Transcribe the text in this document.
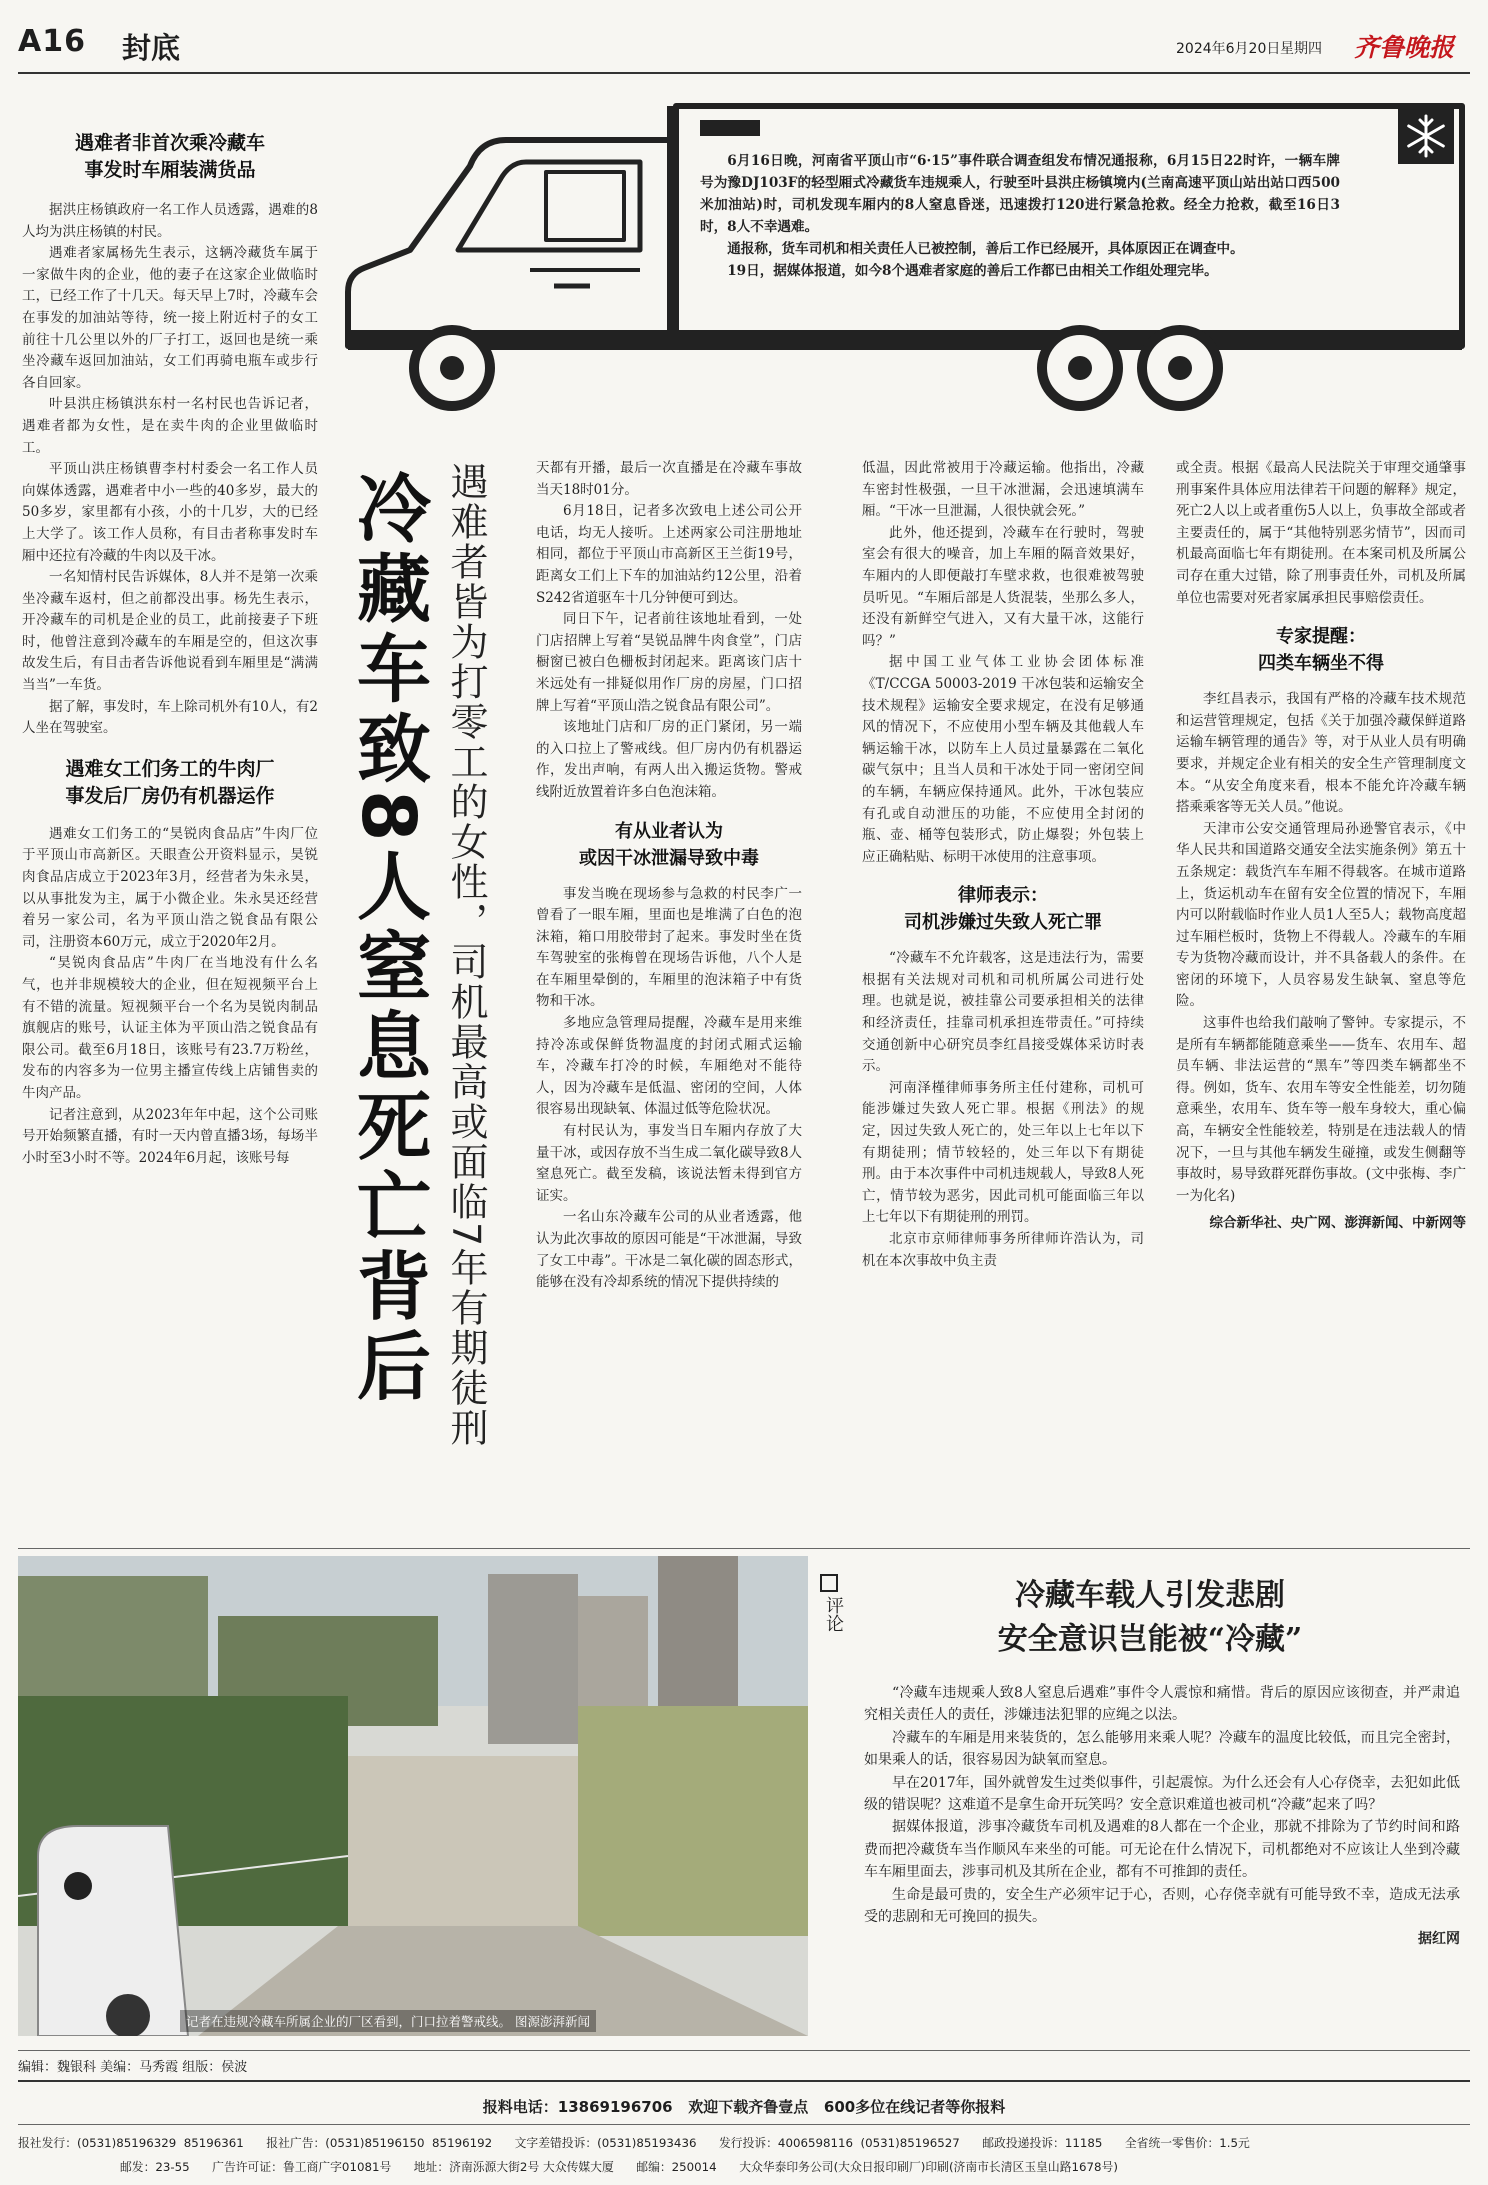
A16 封底	2024年6月20日 星期四 齐鲁晚报

6月16日晚，河南省平顶山市“6·15”事件联合调查组发布情况通报称，6月15日22时许，一辆车牌号为豫DJ103F的轻型厢式冷藏货车违规乘人，行驶至叶县洪庄杨镇境内(兰南高速平顶山站出站口西500米加油站)时，司机发现车厢内的8人窒息昏迷，迅速拨打120进行紧急抢救。经全力抢救，截至16日3时，8人不幸遇难。

通报称，货车司机和相关责任人已被控制，善后工作已经展开，具体原因正在调查中。

19日，据媒体报道，如今8个遇难者家庭的善后工作都已由相关工作组处理完毕。

遇难者非首次乘冷藏车
事发时车厢装满货品

据洪庄杨镇政府一名工作人员透露，遇难的8人均为洪庄杨镇的村民。

遇难者家属杨先生表示，这辆冷藏货车属于一家做牛肉的企业，他的妻子在这家企业做临时工，已经工作了十几天。每天早上7时，冷藏车会在事发的加油站等待，统一接上附近村子的女工前往十几公里以外的厂子打工，返回也是统一乘坐冷藏车返回加油站，女工们再骑电瓶车或步行各自回家。

叶县洪庄杨镇洪东村一名村民也告诉记者，遇难者都为女性，是在卖牛肉的企业里做临时工。

平顶山洪庄杨镇曹李村村委会一名工作人员向媒体透露，遇难者中小一些的40多岁，最大的50多岁，家里都有小孩，小的十几岁，大的已经上大学了。该工作人员称，有目击者称事发时车厢中还拉有冷藏的牛肉以及干冰。

一名知情村民告诉媒体，8人并不是第一次乘坐冷藏车返村，但之前都没出事。杨先生表示，开冷藏车的司机是企业的员工，此前接妻子下班时，他曾注意到冷藏车的车厢是空的，但这次事故发生后，有目击者告诉他说看到车厢里是“满满当当”一车货。

据了解，事发时，车上除司机外有10人，有2人坐在驾驶室。

遇难女工们务工的牛肉厂
事发后厂房仍有机器运作

遇难女工们务工的“昊锐肉食品店”牛肉厂位于平顶山市高新区。天眼查公开资料显示，昊锐肉食品店成立于2023年3月，经营者为朱永昊，以从事批发为主，属于小微企业。朱永昊还经营着另一家公司，名为平顶山浩之锐食品有限公司，注册资本60万元，成立于2020年2月。

“昊锐肉食品店”牛肉厂在当地没有什么名气，也并非规模较大的企业，但在短视频平台上有不错的流量。短视频平台一个名为昊锐肉制品旗舰店的账号，认证主体为平顶山浩之锐食品有限公司。截至6月18日，该账号有23.7万粉丝，发布的内容多为一位男主播宣传线上店铺售卖的牛肉产品。

记者注意到，从2023年年中起，这个公司账号开始频繁直播，有时一天内曾直播3场，每场半小时至3小时不等。2024年6月起，该账号每 冷藏车致8人窒息死亡背后 遇难者皆为打零工的女性，司机最高或面临7年有期徒刑	天都有开播，最后一次直播是在冷藏车事故当天18时01分。

6月18日，记者多次致电上述公司公开电话，均无人接听。上述两家公司注册地址相同，都位于平顶山市高新区王兰街19号，距离女工们上下车的加油站约12公里，沿着S242省道驱车十几分钟便可到达。

同日下午，记者前往该地址看到，一处门店招牌上写着“昊锐品牌牛肉食堂”，门店橱窗已被白色栅板封闭起来。距离该门店十米远处有一排疑似用作厂房的房屋，门口招牌上写着“平顶山浩之锐食品有限公司”。

该地址门店和厂房的正门紧闭，另一端的入口拉上了警戒线。但厂房内仍有机器运作，发出声响，有两人出入搬运货物。警戒线附近放置着许多白色泡沫箱。

有从业者认为
或因干冰泄漏导致中毒

事发当晚在现场参与急救的村民李广一曾看了一眼车厢，里面也是堆满了白色的泡沫箱，箱口用胶带封了起来。事发时坐在货车驾驶室的张梅曾在现场告诉他，八个人是在车厢里晕倒的，车厢里的泡沫箱子中有货物和干冰。

多地应急管理局提醒，冷藏车是用来维持冷冻或保鲜货物温度的封闭式厢式运输车，冷藏车打冷的时候，车厢绝对不能待人，因为冷藏车是低温、密闭的空间，人体很容易出现缺氧、体温过低等危险状况。

有村民认为，事发当日车厢内存放了大量干冰，或因存放不当生成二氧化碳导致8人窒息死亡。截至发稿，该说法暂未得到官方证实。

一名山东冷藏车公司的从业者透露，他认为此次事故的原因可能是“干冰泄漏，导致了女工中毒”。干冰是二氧化碳的固态形式，能够在没有冷却系统的情况下提供持续的

低温，因此常被用于冷藏运输。他指出，冷藏车密封性极强，一旦干冰泄漏，会迅速填满车厢。“干冰一旦泄漏，人很快就会死。”

此外，他还提到，冷藏车在行驶时，驾驶室会有很大的噪音，加上车厢的隔音效果好，车厢内的人即便敲打车壁求救，也很难被驾驶员听见。“车厢后部是人货混装，坐那么多人，还没有新鲜空气进入，又有大量干冰，这能行吗？”

据中国工业气体工业协会团体标准《T/CCGA 50003-2019 干冰包装和运输安全技术规程》运输安全要求规定，在没有足够通风的情况下，不应使用小型车辆及其他载人车辆运输干冰，以防车上人员过量暴露在二氧化碳气氛中；且当人员和干冰处于同一密闭空间的车辆，车辆应保持通风。此外，干冰包装应有孔或自动泄压的功能，不应使用全封闭的瓶、壶、桶等包装形式，防止爆裂；外包装上应正确粘贴、标明干冰使用的注意事项。

律师表示：
司机涉嫌过失致人死亡罪

“冷藏车不允许载客，这是违法行为，需要根据有关法规对司机和司机所属公司进行处理。也就是说，被挂靠公司要承担相关的法律和经济责任，挂靠司机承担连带责任。”可持续交通创新中心研究员李红昌接受媒体采访时表示。

河南泽槿律师事务所主任付建称，司机可能涉嫌过失致人死亡罪。根据《刑法》的规定，因过失致人死亡的，处三年以上七年以下有期徒刑；情节较轻的，处三年以下有期徒刑。由于本次事件中司机违规载人，导致8人死亡，情节较为恶劣，因此司机可能面临三年以上七年以下有期徒刑的刑罚。

北京市京师律师事务所律师许浩认为，司机在本次事故中负主责

或全责。根据《最高人民法院关于审理交通肇事刑事案件具体应用法律若干问题的解释》规定，死亡2人以上或者重伤5人以上，负事故全部或者主要责任的，属于“其他特别恶劣情节”，因而司机最高面临七年有期徒刑。在本案司机及所属公司存在重大过错，除了刑事责任外，司机及所属单位也需要对死者家属承担民事赔偿责任。

专家提醒：
四类车辆坐不得

李红昌表示，我国有严格的冷藏车技术规范和运营管理规定，包括《关于加强冷藏保鲜道路运输车辆管理的通告》等，对于从业人员有明确要求，并规定企业有相关的安全生产管理制度文本。“从安全角度来看，根本不能允许冷藏车辆搭乘乘客等无关人员。”他说。

天津市公安交通管理局孙逊警官表示，《中华人民共和国道路交通安全法实施条例》第五十五条规定：载货汽车车厢不得载客。在城市道路上，货运机动车在留有安全位置的情况下，车厢内可以附载临时作业人员1人至5人；载物高度超过车厢栏板时，货物上不得载人。冷藏车的车厢专为货物冷藏而设计，并不具备载人的条件。在密闭的环境下，人员容易发生缺氧、窒息等危险。

这事件也给我们敲响了警钟。专家提示，不是所有车辆都能随意乘坐——货车、农用车、超员车辆、非法运营的“黑车”等四类车辆都坐不得。例如，货车、农用车等安全性能差，切勿随意乘坐，农用车、货车等一般车身较大，重心偏高，车辆安全性能较差，特别是在违法载人的情况下，一旦与其他车辆发生碰撞，或发生侧翻等事故时，易导致群死群伤事故。(文中张梅、李广一为化名)

综合新华社、央广网、澎湃新闻、中新网等
记者在违规冷藏车所属企业的厂区看到，门口拉着警戒线。 图源澎湃新闻
评论
冷藏车载人引发悲剧
安全意识岂能被“冷藏”

“冷藏车违规乘人致8人窒息后遇难”事件令人震惊和痛惜。背后的原因应该彻查，并严肃追究相关责任人的责任，涉嫌违法犯罪的应绳之以法。

冷藏车的车厢是用来装货的，怎么能够用来乘人呢？冷藏车的温度比较低，而且完全密封，如果乘人的话，很容易因为缺氧而窒息。

早在2017年，国外就曾发生过类似事件，引起震惊。为什么还会有人心存侥幸，去犯如此低级的错误呢？这难道不是拿生命开玩笑吗？安全意识难道也被司机“冷藏”起来了吗？

据媒体报道，涉事冷藏货车司机及遇难的8人都在一个企业，那就不排除为了节约时间和路费而把冷藏货车当作顺风车来坐的可能。可无论在什么情况下，司机都绝对不应该让人坐到冷藏车车厢里面去，涉事司机及其所在企业，都有不可推卸的责任。

生命是最可贵的，安全生产必须牢记于心，否则，心存侥幸就有可能导致不幸，造成无法承受的悲剧和无可挽回的损失。

据红网
编辑：魏银科 美编：马秀霞 组版：侯波
报料电话：13869196706   欢迎下载齐鲁壹点   600多位在线记者等你报料
报社发行：(0531)85196329  85196361      报社广告：(0531)85196150  85196192      文字差错投诉：(0531)85193436      发行投诉：4006598116  (0531)85196527      邮政投递投诉：11185      全省统一零售价：1.5元
邮发：23-55      广告许可证：鲁工商广字01081号      地址：济南泺源大街2号 大众传媒大厦      邮编：250014      大众华泰印务公司(大众日报印刷厂)印刷(济南市长清区玉皇山路1678号)
